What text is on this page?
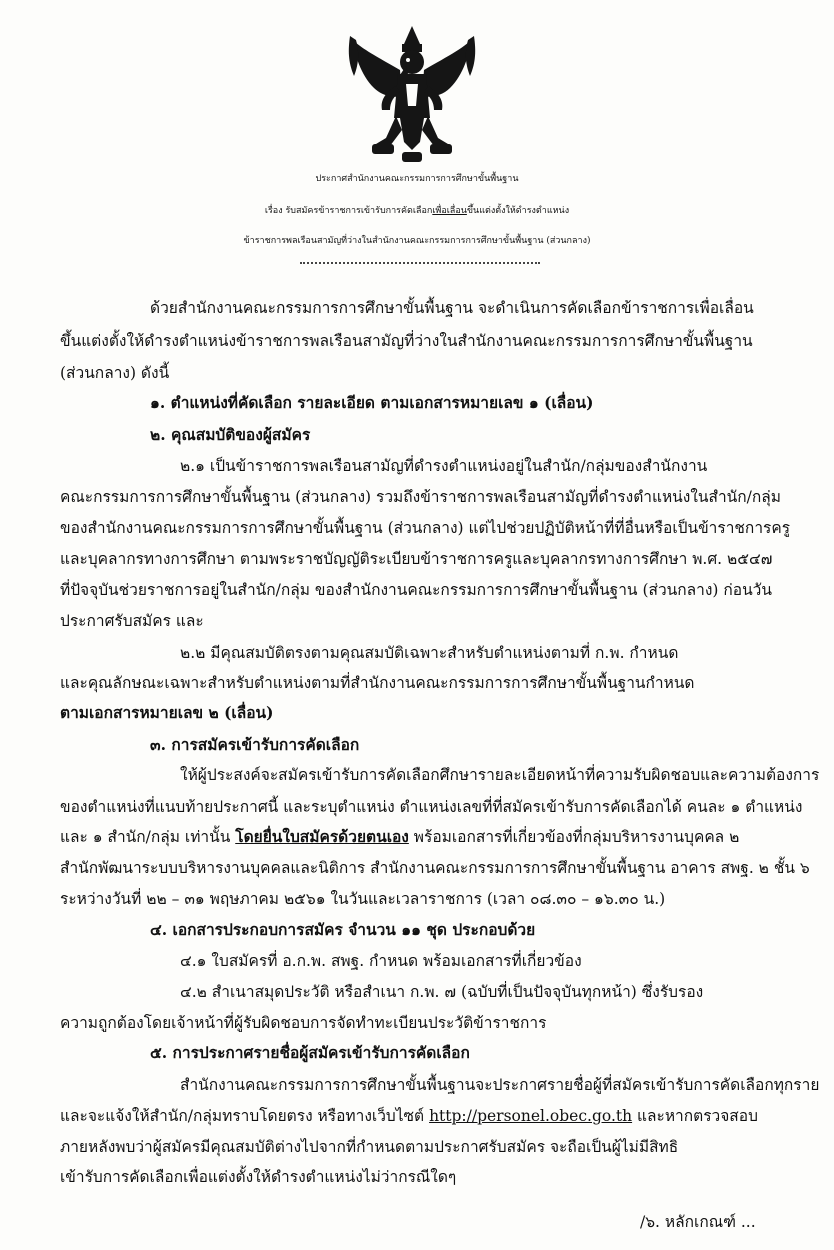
ประกาศสำนักงานคณะกรรมการการศึกษาขั้นพื้นฐาน
เรื่อง รับสมัครข้าราชการเข้ารับการคัดเลือกเพื่อเลื่อนขึ้นแต่งตั้งให้ดำรงตำแหน่ง
ข้าราชการพลเรือนสามัญที่ว่างในสำนักงานคณะกรรมการการศึกษาขั้นพื้นฐาน (ส่วนกลาง)
ด้วยสำนักงานคณะกรรมการการศึกษาขั้นพื้นฐาน จะดำเนินการคัดเลือกข้าราชการเพื่อเลื่อน
ขึ้นแต่งตั้งให้ดำรงตำแหน่งข้าราชการพลเรือนสามัญที่ว่างในสำนักงานคณะกรรมการการศึกษาขั้นพื้นฐาน
(ส่วนกลาง) ดังนี้
๑. ตำแหน่งที่คัดเลือก รายละเอียด ตามเอกสารหมายเลข ๑ (เลื่อน)
๒. คุณสมบัติของผู้สมัคร
๒.๑ เป็นข้าราชการพลเรือนสามัญที่ดำรงตำแหน่งอยู่ในสำนัก/กลุ่มของสำนักงาน
คณะกรรมการการศึกษาขั้นพื้นฐาน (ส่วนกลาง) รวมถึงข้าราชการพลเรือนสามัญที่ดำรงตำแหน่งในสำนัก/กลุ่ม
ของสำนักงานคณะกรรมการการศึกษาขั้นพื้นฐาน (ส่วนกลาง) แต่ไปช่วยปฏิบัติหน้าที่ที่อื่นหรือเป็นข้าราชการครู
และบุคลากรทางการศึกษา ตามพระราชบัญญัติระเบียบข้าราชการครูและบุคลากรทางการศึกษา พ.ศ. ๒๕๔๗
ที่ปัจจุบันช่วยราชการอยู่ในสำนัก/กลุ่ม ของสำนักงานคณะกรรมการการศึกษาขั้นพื้นฐาน (ส่วนกลาง) ก่อนวัน
ประกาศรับสมัคร และ
๒.๒ มีคุณสมบัติตรงตามคุณสมบัติเฉพาะสำหรับตำแหน่งตามที่ ก.พ. กำหนด
และคุณลักษณะเฉพาะสำหรับตำแหน่งตามที่สำนักงานคณะกรรมการการศึกษาขั้นพื้นฐานกำหนด
ตามเอกสารหมายเลข ๒ (เลื่อน)
๓. การสมัครเข้ารับการคัดเลือก
ให้ผู้ประสงค์จะสมัครเข้ารับการคัดเลือกศึกษารายละเอียดหน้าที่ความรับผิดชอบและความต้องการ
ของตำแหน่งที่แนบท้ายประกาศนี้ และระบุตำแหน่ง ตำแหน่งเลขที่ที่สมัครเข้ารับการคัดเลือกได้ คนละ ๑ ตำแหน่ง
และ ๑ สำนัก/กลุ่ม เท่านั้น โดยยื่นใบสมัครด้วยตนเอง พร้อมเอกสารที่เกี่ยวข้องที่กลุ่มบริหารงานบุคคล ๒
สำนักพัฒนาระบบบริหารงานบุคคลและนิติการ สำนักงานคณะกรรมการการศึกษาขั้นพื้นฐาน อาคาร สพฐ. ๒ ชั้น ๖
ระหว่างวันที่ ๒๒ – ๓๑ พฤษภาคม ๒๕๖๑ ในวันและเวลาราชการ (เวลา ๐๘.๓๐ – ๑๖.๓๐ น.)
๔. เอกสารประกอบการสมัคร จำนวน ๑๑ ชุด ประกอบด้วย
๔.๑ ใบสมัครที่ อ.ก.พ. สพฐ. กำหนด พร้อมเอกสารที่เกี่ยวข้อง
๔.๒ สำเนาสมุดประวัติ หรือสำเนา ก.พ. ๗ (ฉบับที่เป็นปัจจุบันทุกหน้า) ซึ่งรับรอง
ความถูกต้องโดยเจ้าหน้าที่ผู้รับผิดชอบการจัดทำทะเบียนประวัติข้าราชการ
๕. การประกาศรายชื่อผู้สมัครเข้ารับการคัดเลือก
สำนักงานคณะกรรมการการศึกษาขั้นพื้นฐานจะประกาศรายชื่อผู้ที่สมัครเข้ารับการคัดเลือกทุกราย
และจะแจ้งให้สำนัก/กลุ่มทราบโดยตรง หรือทางเว็บไซต์ http://personel.obec.go.th และหากตรวจสอบ
ภายหลังพบว่าผู้สมัครมีคุณสมบัติต่างไปจากที่กำหนดตามประกาศรับสมัคร จะถือเป็นผู้ไม่มีสิทธิ
เข้ารับการคัดเลือกเพื่อแต่งตั้งให้ดำรงตำแหน่งไม่ว่ากรณีใดๆ
/๖. หลักเกณฑ์ ...
